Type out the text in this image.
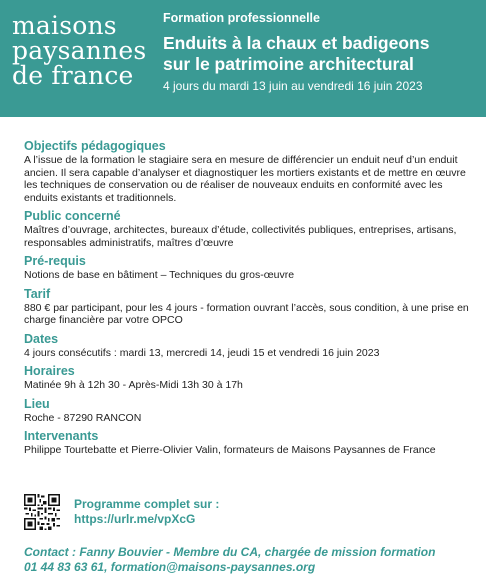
maisons
paysannes
de france
Formation professionnelle
Enduits à la chaux et badigeons
sur le patrimoine architectural
4 jours du mardi 13 juin au vendredi 16 juin 2023
Objectifs pédagogiques
A l’issue de la formation le stagiaire sera en mesure de différencier un enduit neuf d’un enduit ancien. Il sera capable d’analyser et diagnostiquer les mortiers existants et de mettre en œuvre les techniques de conservation ou de réaliser de nouveaux enduits en conformité avec les enduits existants et traditionnels.
Public concerné
Maîtres d’ouvrage, architectes, bureaux d’étude, collectivités publiques, entreprises, artisans, responsables administratifs, maîtres d’œuvre
Pré-requis
Notions de base en bâtiment – Techniques du gros-œuvre
Tarif
880 € par participant, pour les 4 jours - formation ouvrant l’accès, sous condition, à une prise en charge financière par votre OPCO
Dates
4 jours consécutifs : mardi 13, mercredi 14, jeudi 15 et vendredi 16 juin 2023
Horaires
Matinée 9h à 12h 30 - Après-Midi 13h 30 à 17h
Lieu
Roche - 87290 RANCON
Intervenants
Philippe Tourtebatte et Pierre-Olivier Valin, formateurs de Maisons Paysannes de France
Programme complet sur :
https://urlr.me/vpXcG
Contact : Fanny Bouvier - Membre du CA, chargée de mission formation
01 44 83 63 61, formation@maisons-paysannes.org
